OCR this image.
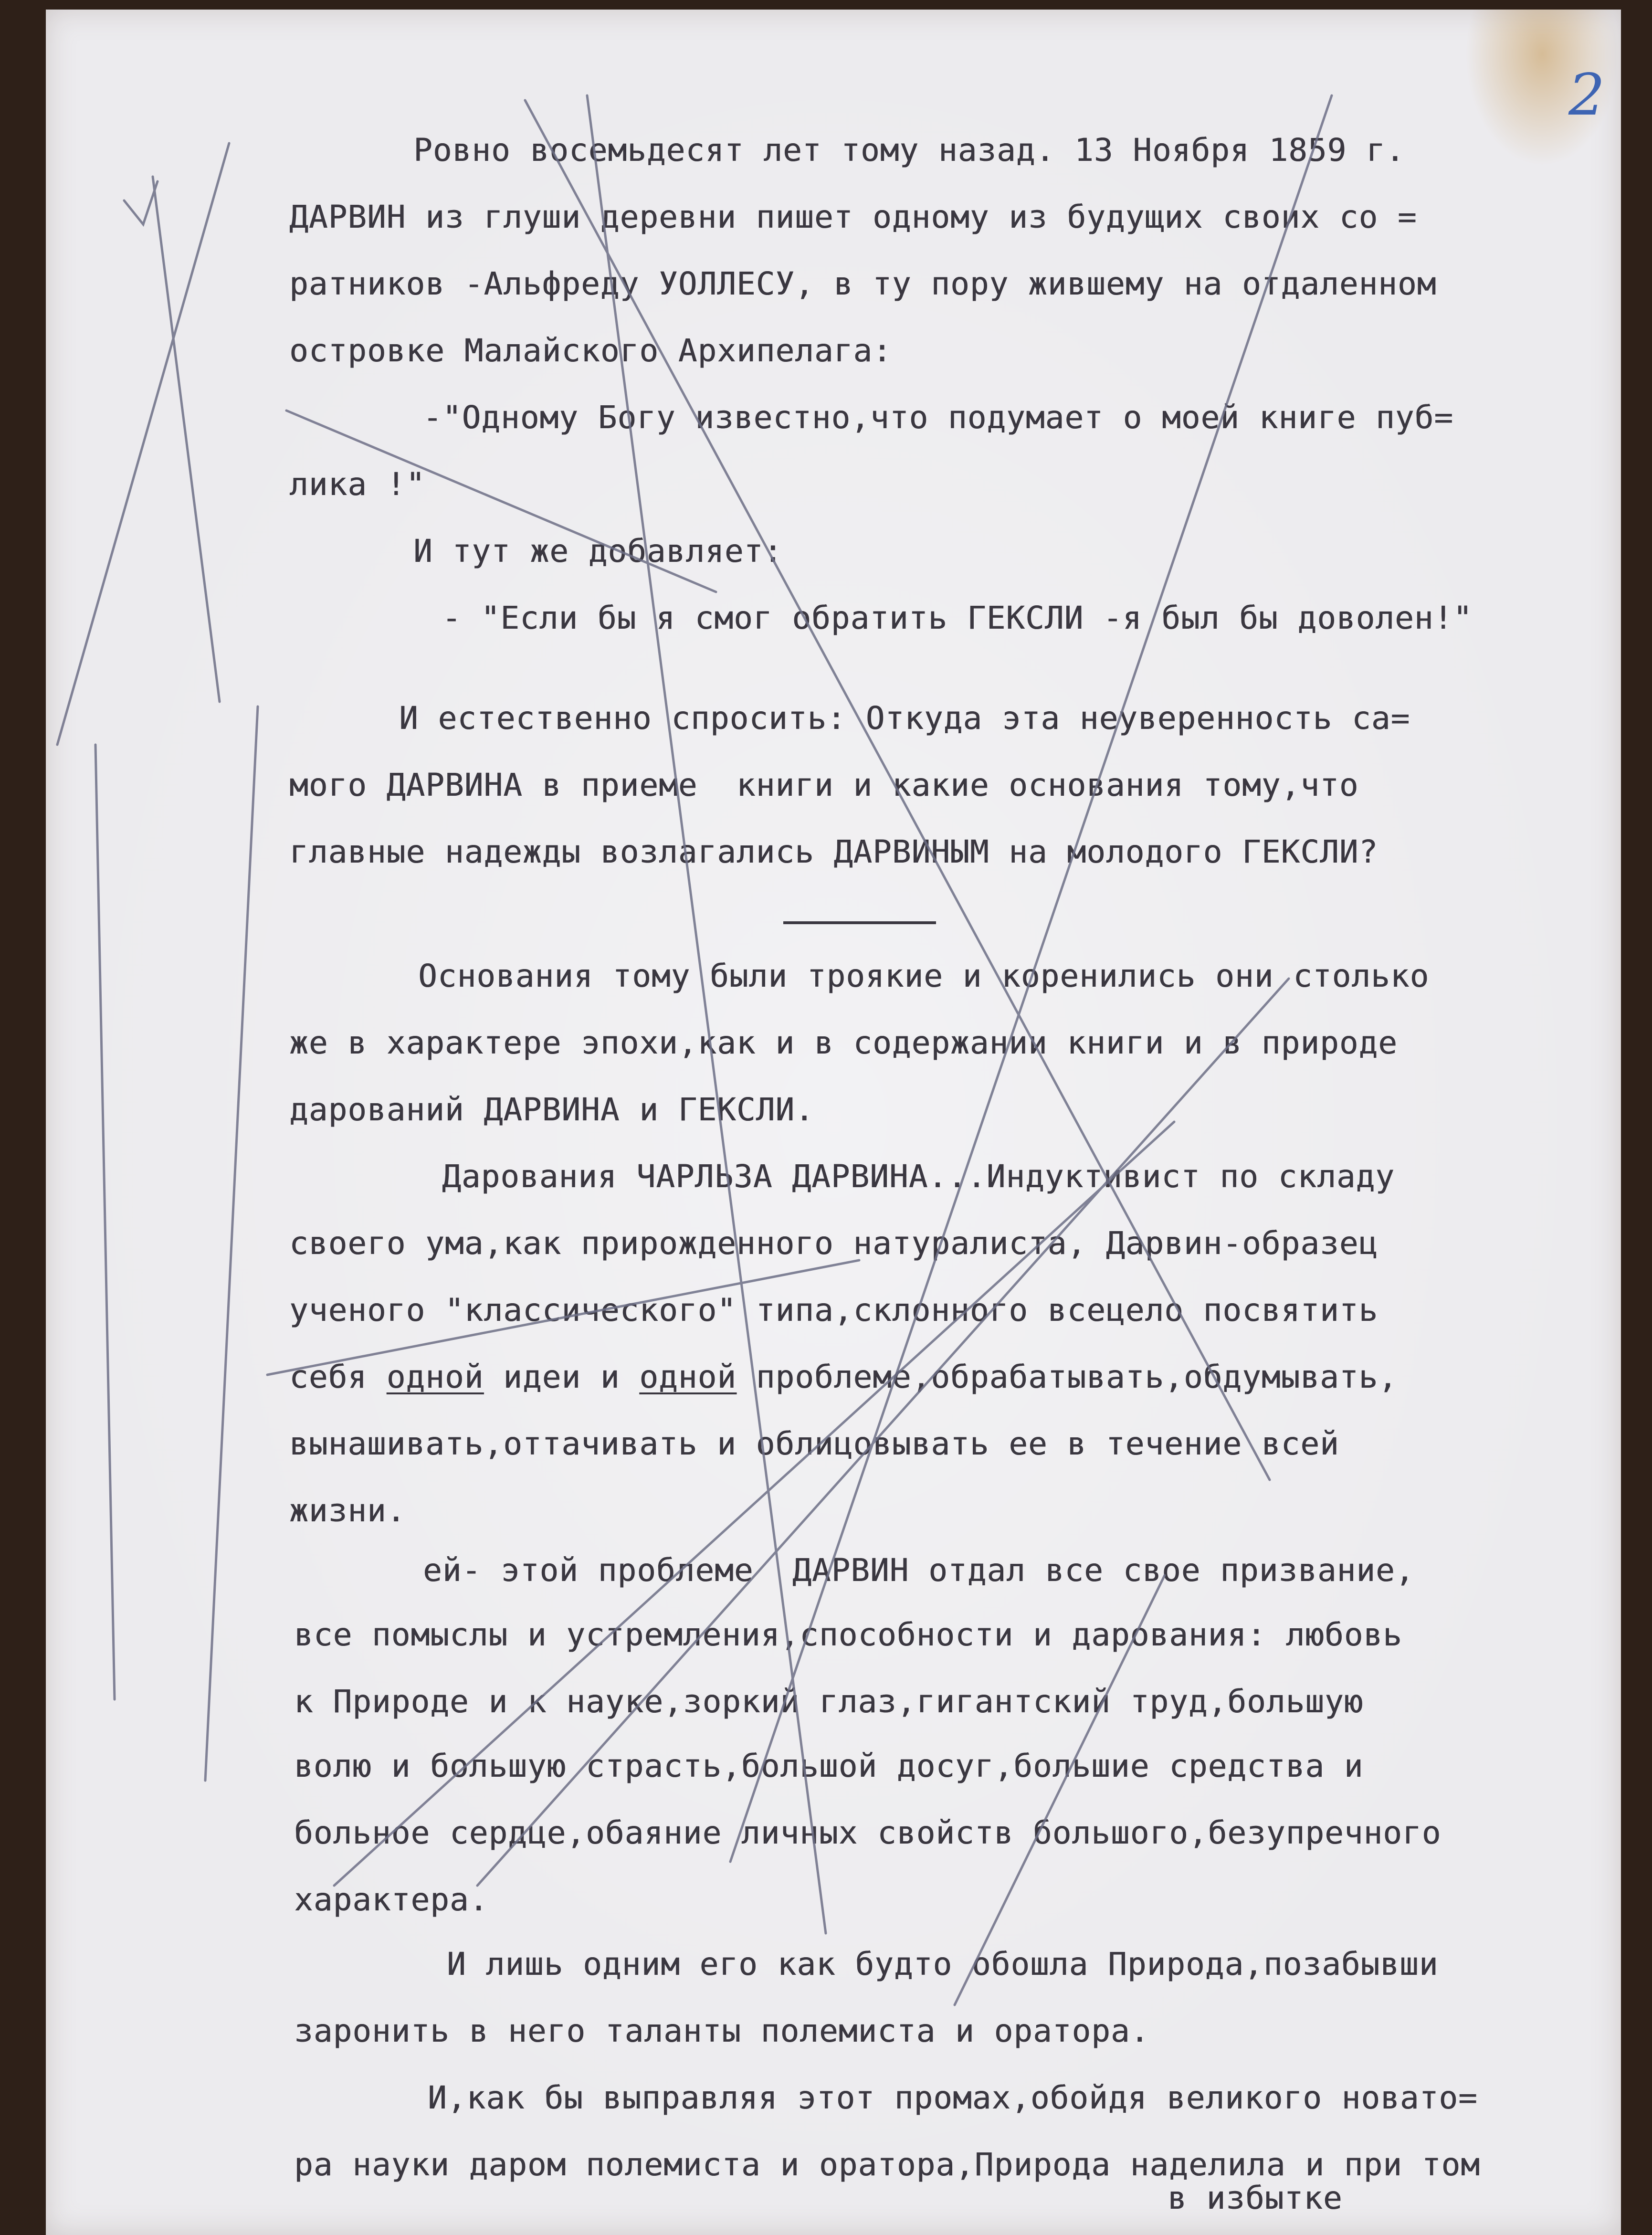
2
Ровно восемьдесят лет тому назад. 13 Ноября 1859 г.
ДАРВИН из глуши деревни пишет одному из будущих своих со =
ратников -Альфреду УОЛЛЕСУ, в ту пору жившему на отдаленном
островке Малайского Архипелага:
-"Одному Богу известно,что подумает о моей книге пуб=
лика !"
И тут же добавляет:
- "Если бы я смог обратить ГЕКСЛИ -я был бы доволен!"
И естественно спросить: Откуда эта неуверенность са=
мого ДАРВИНА в приеме  книги и какие основания тому,что
главные надежды возлагались ДАРВИНЫМ на молодого ГЕКСЛИ?
Основания тому были троякие и коренились они столько
же в характере эпохи,как и в содержании книги и в природе
дарований ДАРВИНА и ГЕКСЛИ.
Дарования ЧАРЛЬЗА ДАРВИНА...Индуктивист по складу
своего ума,как прирожденного натуралиста, Дарвин-образец
ученого "классического" типа,склонного всецело посвятить
себя одной идеи и одной проблеме,обрабатывать,обдумывать,
вынашивать,оттачивать и облицовывать ее в течение всей
жизни.
ей- этой проблеме  ДАРВИН отдал все свое призвание,
все помыслы и устремления,способности и дарования: любовь
к Природе и к науке,зоркий глаз,гигантский труд,большую
волю и большую страсть,большой досуг,большие средства и
больное сердце,обаяние личных свойств большого,безупречного
характера.
И лишь одним его как будто обошла Природа,позабывши
заронить в него таланты полемиста и оратора.
И,как бы выправляя этот промах,обойдя великого новато=
ра науки даром полемиста и оратора,Природа наделила и при том
в избытке
